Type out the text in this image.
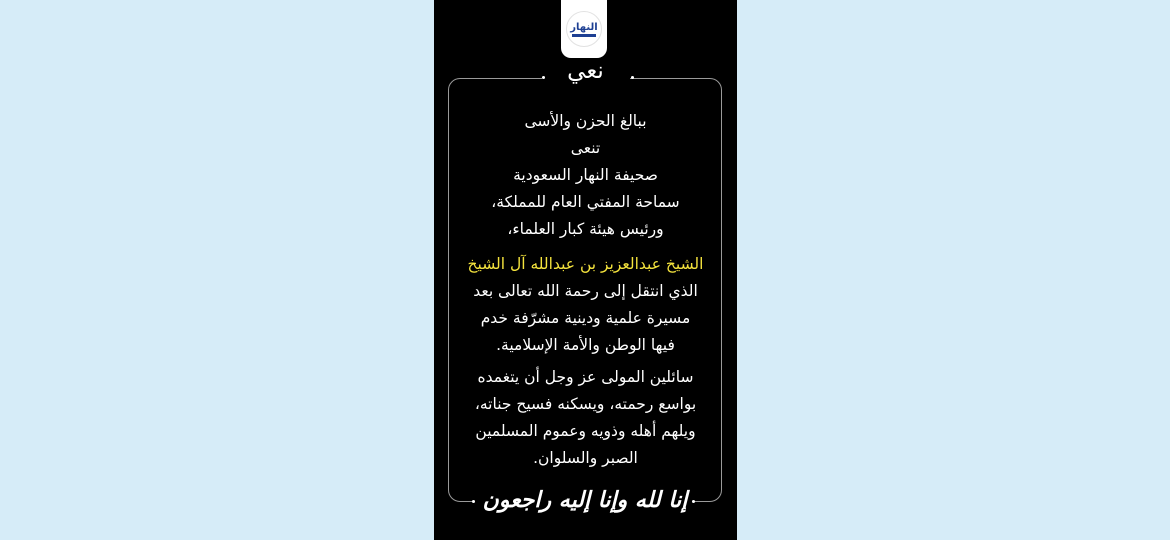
النهار
نعي
ببالغ الحزن والأسى
تنعى
صحيفة النهار السعودية
سماحة المفتي العام للمملكة،
ورئيس هيئة كبار العلماء،
الشيخ عبدالعزيز بن عبدالله آل الشيخ
الذي انتقل إلى رحمة الله تعالى بعد
مسيرة علمية ودينية مشرّفة خدم
فيها الوطن والأمة الإسلامية.
سائلين المولى عز وجل أن يتغمده
بواسع رحمته، ويسكنه فسيح جناته،
ويلهم أهله وذويه وعموم المسلمين
الصبر والسلوان.
إنا لله وإنا إليه راجعون
